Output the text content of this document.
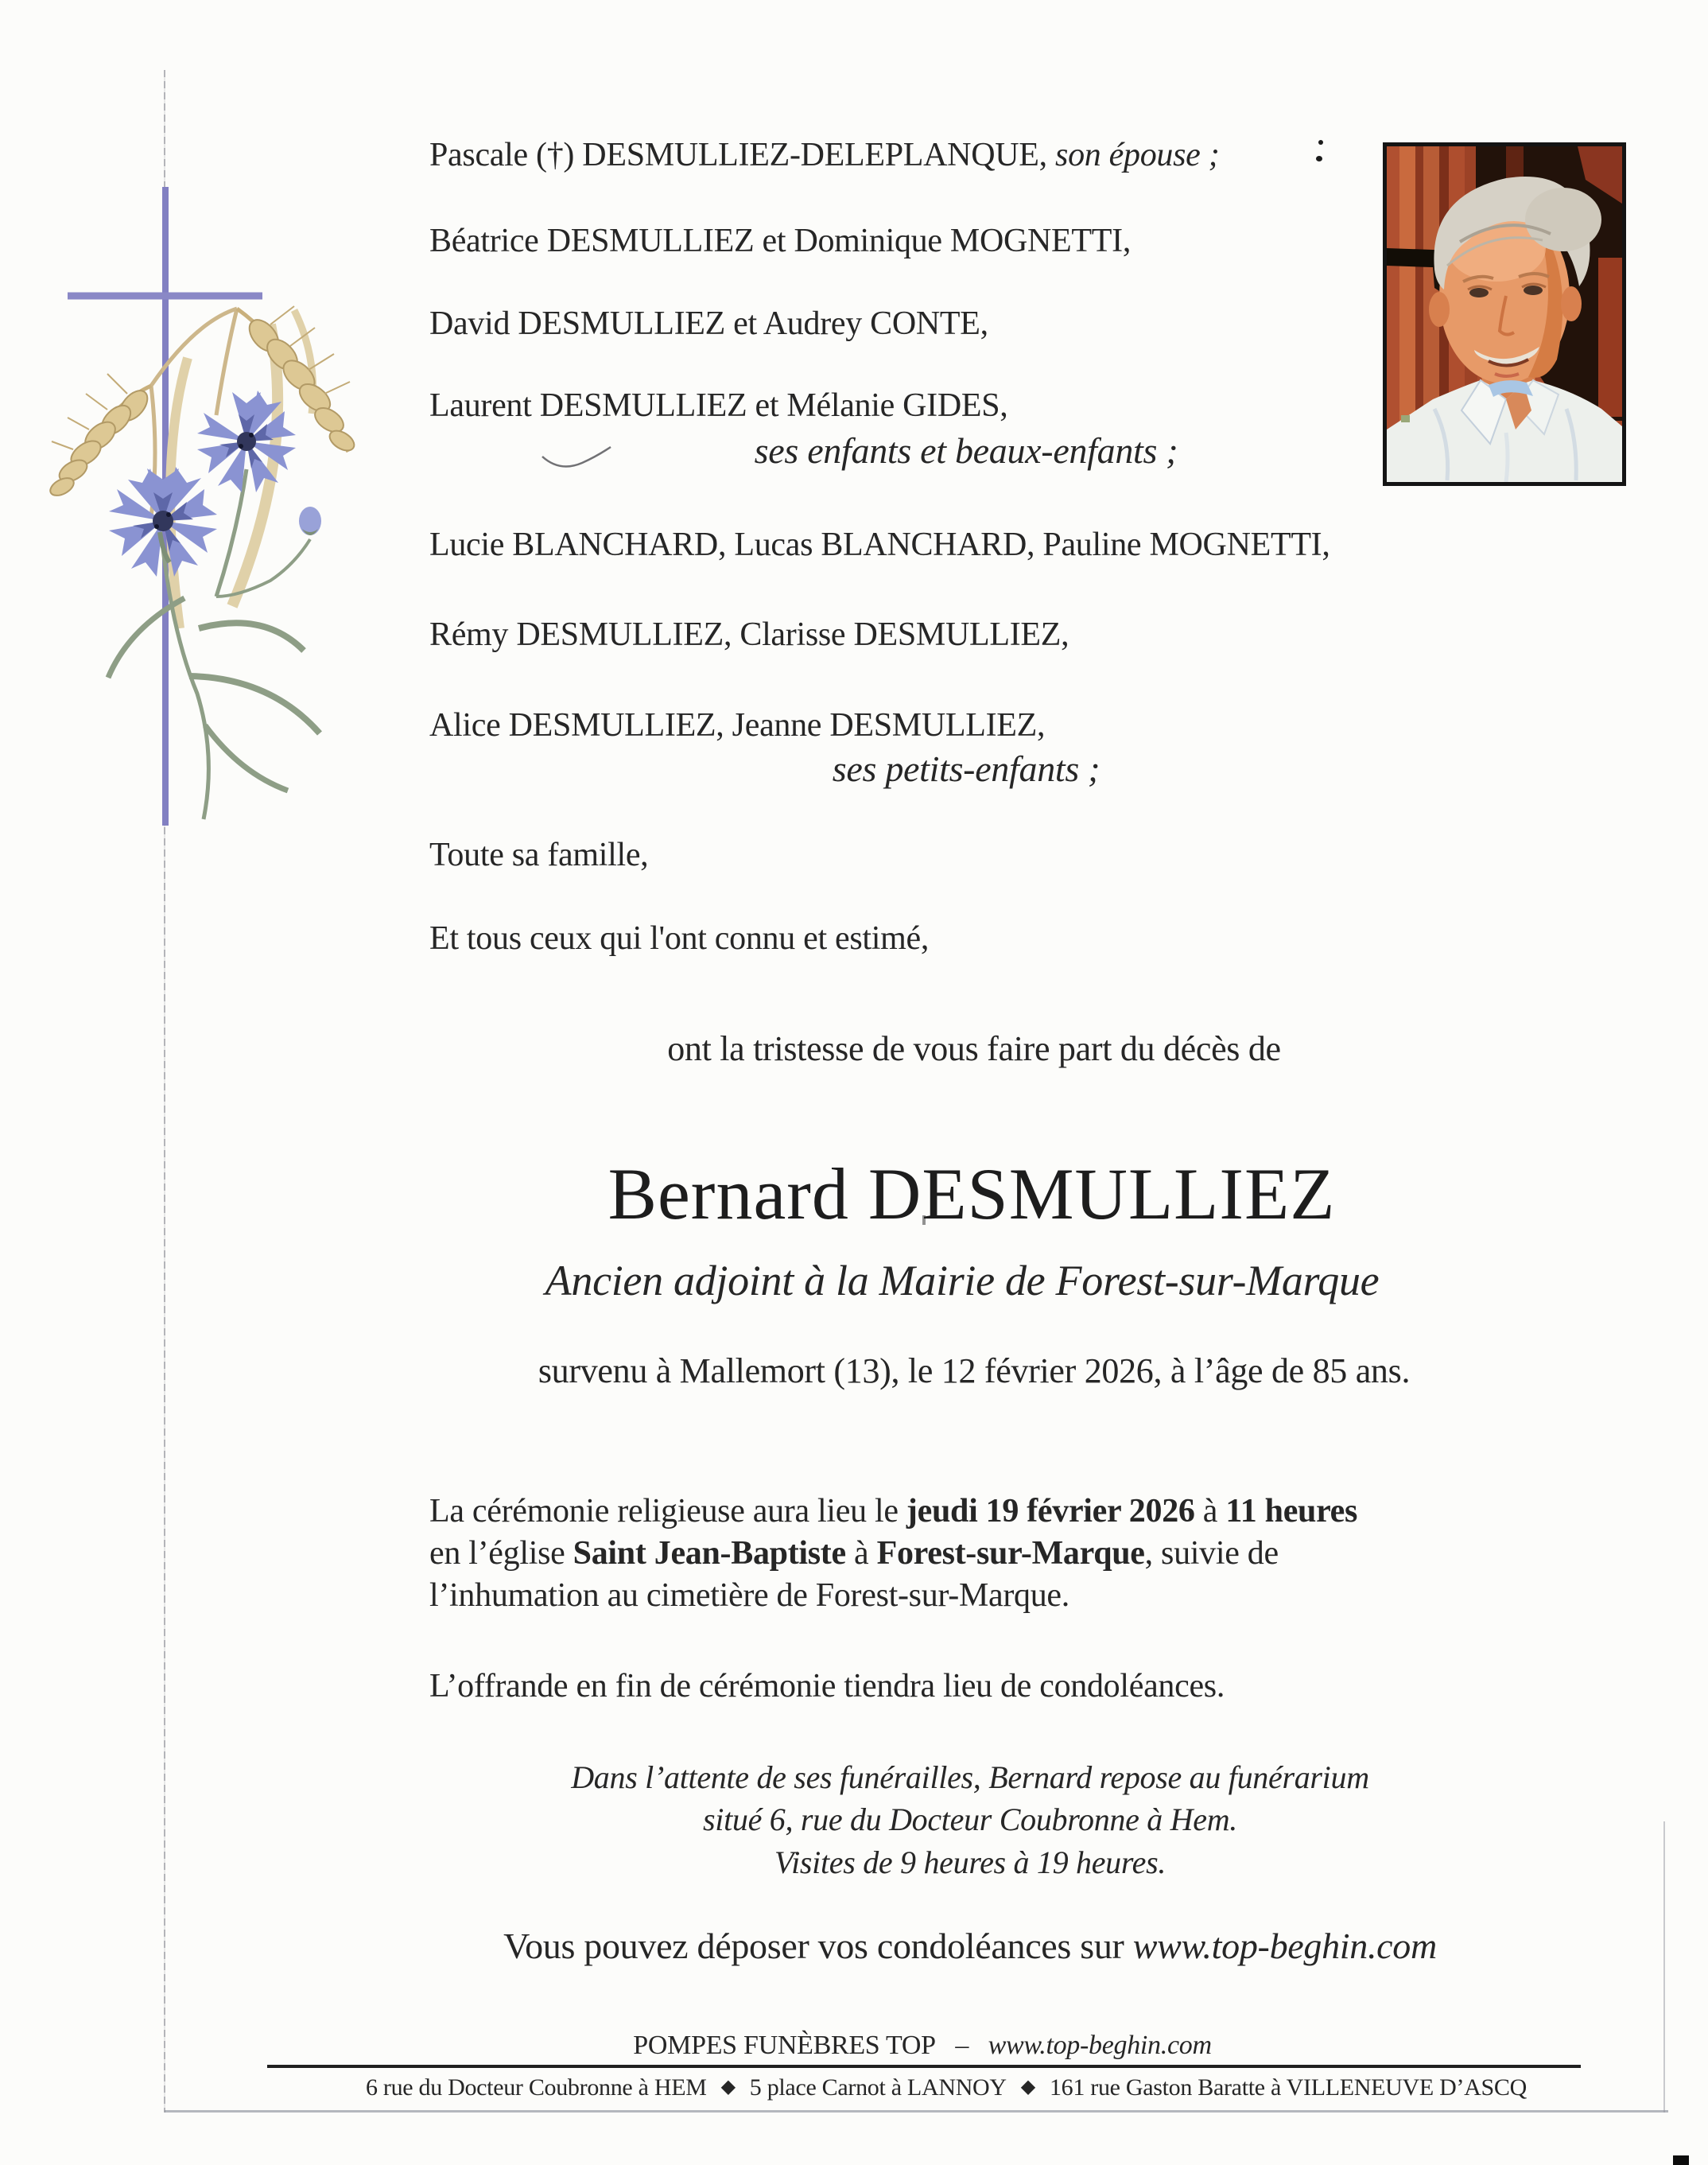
Pascale (†) DESMULLIEZ-DELEPLANQUE, son épouse ;
Béatrice DESMULLIEZ et Dominique MOGNETTI,
David DESMULLIEZ et Audrey CONTE,
Laurent DESMULLIEZ et Mélanie GIDES,
ses enfants et beaux-enfants ;
Lucie BLANCHARD, Lucas BLANCHARD, Pauline MOGNETTI,
Rémy DESMULLIEZ, Clarisse DESMULLIEZ,
Alice DESMULLIEZ, Jeanne DESMULLIEZ,
ses petits-enfants ;
Toute sa famille,
Et tous ceux qui l'ont connu et estimé,
ont la tristesse de vous faire part du décès de
Bernard DESMULLIEZ
Ancien adjoint à la Mairie de Forest-sur-Marque
survenu à Mallemort (13), le 12 février 2026, à l’âge de 85 ans.
La cérémonie religieuse aura lieu le jeudi 19 février 2026 à 11 heures
en l’église Saint Jean-Baptiste à Forest-sur-Marque, suivie de
l’inhumation au cimetière de Forest-sur-Marque.
L’offrande en fin de cérémonie tiendra lieu de condoléances.
Dans l’attente de ses funérailles, Bernard repose au funérarium
situé 6, rue du Docteur Coubronne à Hem.
Visites de 9 heures à 19 heures.
Vous pouvez déposer vos condoléances sur www.top-beghin.com
POMPES FUNÈBRES TOP – www.top-beghin.com
6 rue du Docteur Coubronne à HEM ◆ 5 place Carnot à LANNOY ◆ 161 rue Gaston Baratte à VILLENEUVE D’ASCQ
